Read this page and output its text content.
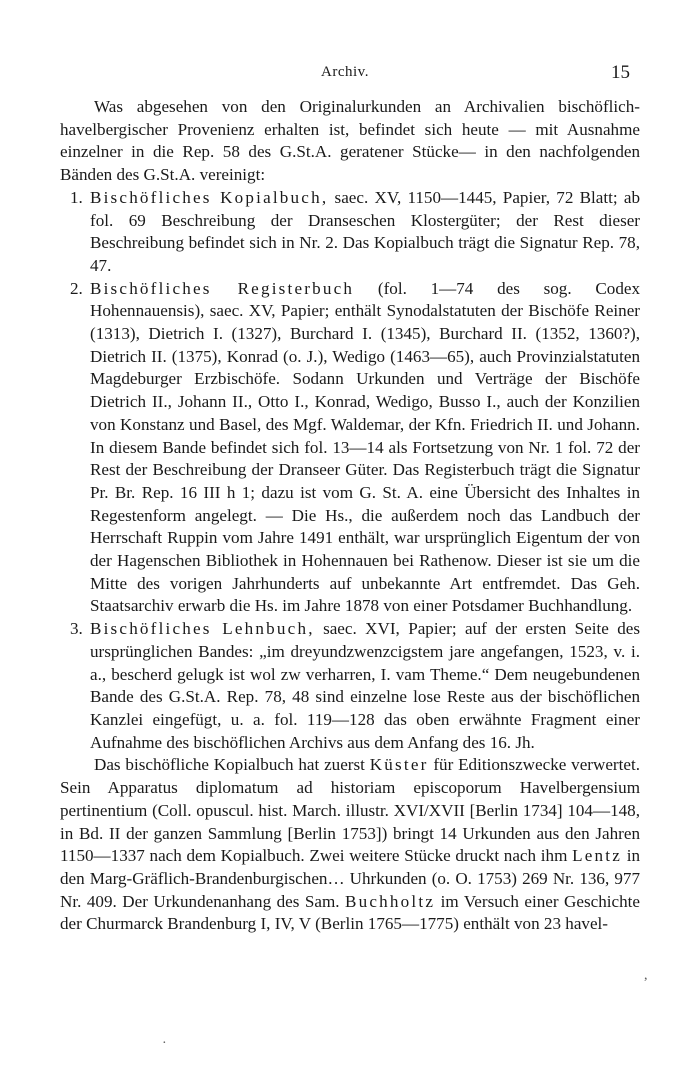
Archiv.	15

Was abgesehen von den Originalurkunden an Archivalien bischöflich-havelbergischer Provenienz erhalten ist, befindet sich heute — mit Ausnahme einzelner in die Rep. 58 des G.St.A. geratener Stücke— in den nachfolgenden Bänden des G.St.A. vereinigt:

1. Bischöfliches Kopialbuch, saec. XV, 1150—1445, Papier, 72 Blatt; ab fol. 69 Beschreibung der Dranseschen Klostergüter; der Rest dieser Beschreibung befindet sich in Nr. 2. Das Kopialbuch trägt die Signatur Rep. 78, 47.
2. Bischöfliches Registerbuch (fol. 1—74 des sog. Codex Hohennauensis), saec. XV, Papier; enthält Synodalstatuten der Bischöfe Reiner (1313), Dietrich I. (1327), Burchard I. (1345), Burchard II. (1352, 1360?), Dietrich II. (1375), Konrad (o. J.), Wedigo (1463—65), auch Provinzialstatuten Magdeburger Erzbischöfe. Sodann Urkunden und Verträge der Bischöfe Dietrich II., Johann II., Otto I., Konrad, Wedigo, Busso I., auch der Konzilien von Konstanz und Basel, des Mgf. Waldemar, der Kfn. Friedrich II. und Johann. In diesem Bande befindet sich fol. 13—14 als Fortsetzung von Nr. 1 fol. 72 der Rest der Beschreibung der Dranseer Güter. Das Registerbuch trägt die Signatur Pr. Br. Rep. 16 III h 1; dazu ist vom G. St. A. eine Übersicht des Inhaltes in Regestenform angelegt. — Die Hs., die außerdem noch das Landbuch der Herrschaft Ruppin vom Jahre 1491 enthält, war ursprünglich Eigentum der von der Hagenschen Bibliothek in Hohennauen bei Rathenow. Dieser ist sie um die Mitte des vorigen Jahrhunderts auf unbekannte Art entfremdet. Das Geh. Staatsarchiv erwarb die Hs. im Jahre 1878 von einer Potsdamer Buchhandlung.
3. Bischöfliches Lehnbuch, saec. XVI, Papier; auf der ersten Seite des ursprünglichen Bandes: „im dreyundzwenzcigstem jare angefangen, 1523, v. i. a., bescherd gelugk ist wol zw verharren, I. vam Theme.“ Dem neugebundenen Bande des G.St.A. Rep. 78, 48 sind einzelne lose Reste aus der bischöflichen Kanzlei eingefügt, u. a. fol. 119—128 das oben erwähnte Fragment einer Aufnahme des bischöflichen Archivs aus dem Anfang des 16. Jh.

Das bischöfliche Kopialbuch hat zuerst Küster für Editionszwecke verwertet. Sein Apparatus diplomatum ad historiam episcoporum Havelbergensium pertinentium (Coll. opuscul. hist. March. illustr. XVI/XVII [Berlin 1734] 104—148, in Bd. II der ganzen Sammlung [Berlin 1753]) bringt 14 Urkunden aus den Jahren 1150—1337 nach dem Kopialbuch. Zwei weitere Stücke druckt nach ihm Lentz in den Marg-Gräflich-Brandenburgischen… Uhrkunden (o. O. 1753) 269 Nr. 136, 977 Nr. 409. Der Urkundenanhang des Sam. Buchholtz im Versuch einer Geschichte der Churmarck Brandenburg I, IV, V (Berlin 1765—1775) enthält von 23 havel-

,
·
